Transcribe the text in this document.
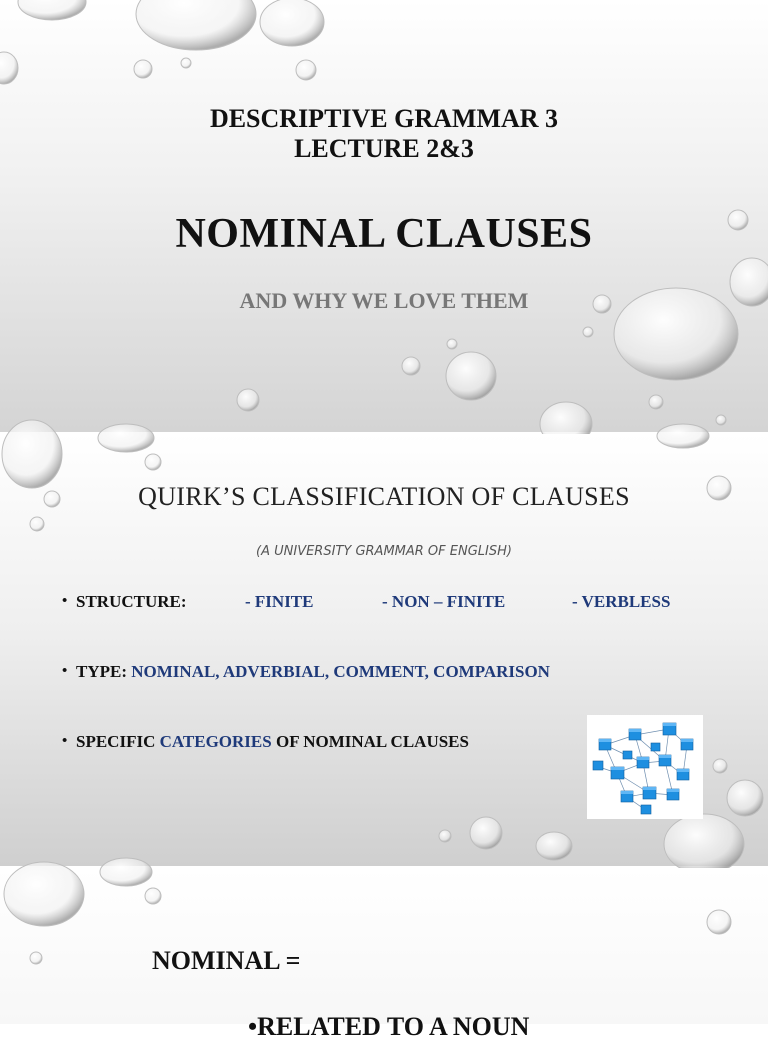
DESCRIPTIVE GRAMMAR 3
LECTURE 2&3
NOMINAL CLAUSES
AND WHY WE LOVE THEM
QUIRK’S CLASSIFICATION OF CLAUSES
(A UNIVERSITY GRAMMAR OF ENGLISH)
• STRUCTURE:	- FINITE	- NON – FINITE	- VERBLESS
• TYPE: NOMINAL, ADVERBIAL, COMMENT, COMPARISON
• SPECIFIC CATEGORIES OF NOMINAL CLAUSES
NOMINAL =
•RELATED TO A NOUN
